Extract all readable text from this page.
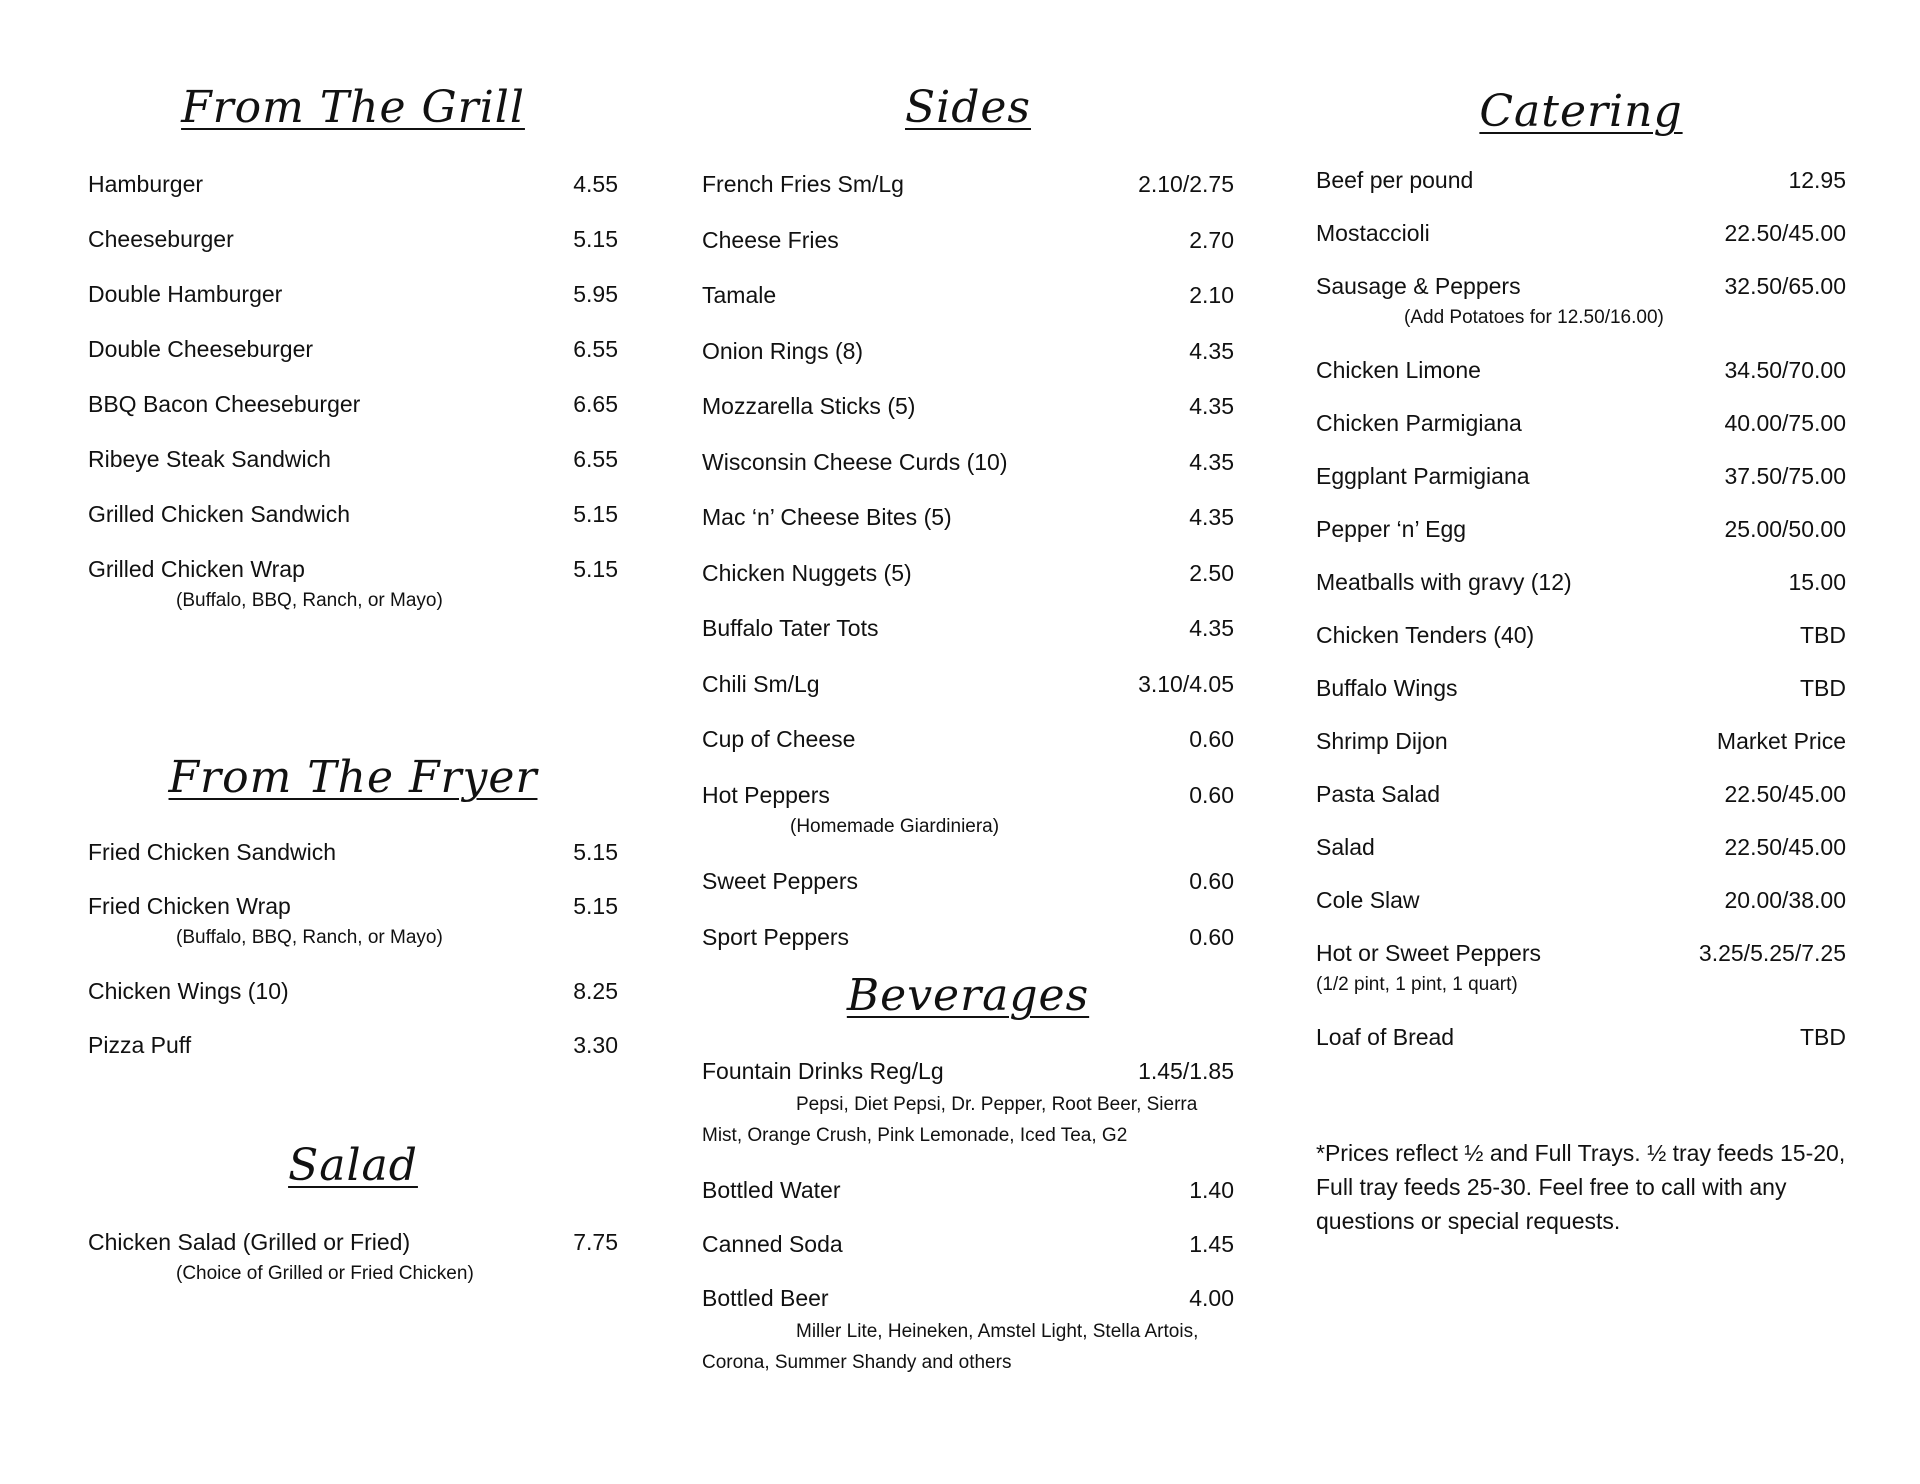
From The Grill
Hamburger	4.55
Cheeseburger	5.15
Double Hamburger	5.95
Double Cheeseburger	6.55
BBQ Bacon Cheeseburger	6.65
Ribeye Steak Sandwich	6.55
Grilled Chicken Sandwich	5.15
Grilled Chicken Wrap	5.15
(Buffalo, BBQ, Ranch, or Mayo)
From The Fryer
Fried Chicken Sandwich	5.15
Fried Chicken Wrap	5.15
(Buffalo, BBQ, Ranch, or Mayo)
Chicken Wings (10)	8.25
Pizza Puff	3.30
Salad
Chicken Salad (Grilled or Fried)	7.75
(Choice of Grilled or Fried Chicken)
Sides
French Fries Sm/Lg	2.10/2.75
Cheese Fries	2.70
Tamale	2.10
Onion Rings (8)	4.35
Mozzarella Sticks (5)	4.35
Wisconsin Cheese Curds (10)	4.35
Mac ‘n’ Cheese Bites (5)	4.35
Chicken Nuggets (5)	2.50
Buffalo Tater Tots	4.35
Chili Sm/Lg	3.10/4.05
Cup of Cheese	0.60
Hot Peppers	0.60
(Homemade Giardiniera)
Sweet Peppers	0.60
Sport Peppers	0.60
Beverages
Fountain Drinks Reg/Lg	1.45/1.85
Pepsi, Diet Pepsi, Dr. Pepper, Root Beer, Sierra
Mist, Orange Crush, Pink Lemonade, Iced Tea, G2
Bottled Water	1.40
Canned Soda	1.45
Bottled Beer	4.00
Miller Lite, Heineken, Amstel Light, Stella Artois,
Corona, Summer Shandy and others
Catering
Beef per pound	12.95
Mostaccioli	22.50/45.00
Sausage & Peppers	32.50/65.00
(Add Potatoes for 12.50/16.00)
Chicken Limone	34.50/70.00
Chicken Parmigiana	40.00/75.00
Eggplant Parmigiana	37.50/75.00
Pepper ‘n’ Egg	25.00/50.00
Meatballs with gravy (12)	15.00
Chicken Tenders (40)	TBD
Buffalo Wings	TBD
Shrimp Dijon	Market Price
Pasta Salad	22.50/45.00
Salad	22.50/45.00
Cole Slaw	20.00/38.00
Hot or Sweet Peppers	3.25/5.25/7.25
(1/2 pint, 1 pint, 1 quart)
Loaf of Bread	TBD
*Prices reflect ½ and Full Trays. ½ tray feeds 15-20, Full tray feeds 25-30. Feel free to call with any questions or special requests.
